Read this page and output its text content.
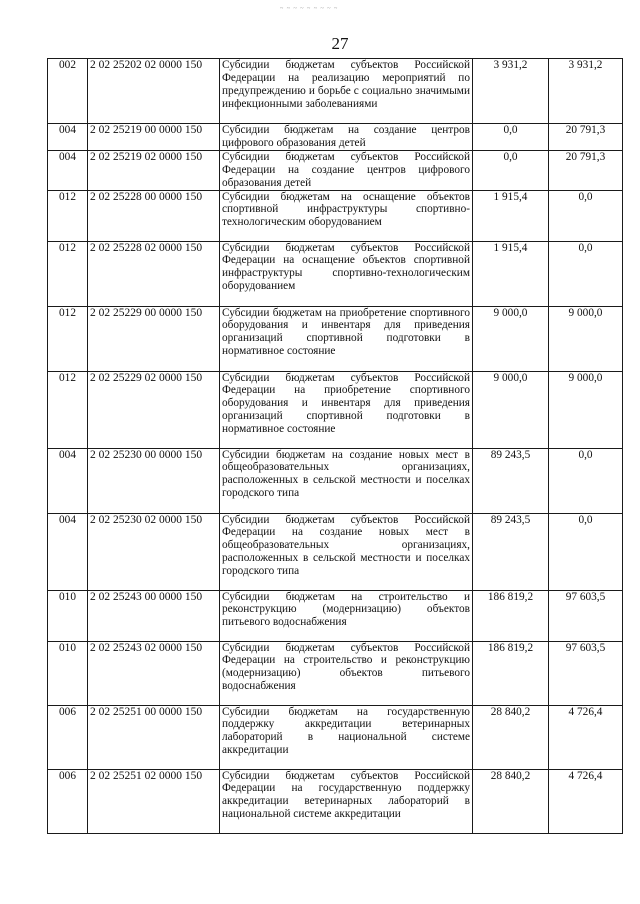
~ ~ ~ ~ ~ ~ ~ ~ ~
27
002	2 02 25202 02 0000 150	Субсидии бюджетам субъектов Российской Федерации на реализацию мероприятий по предупреждению и борьбе с социально значимыми инфекционными заболеваниями	3 931,2	3 931,2
004	2 02 25219 00 0000 150	Субсидии бюджетам на создание центров цифрового образования детей	0,0	20 791,3
004	2 02 25219 02 0000 150	Субсидии бюджетам субъектов Российской Федерации на создание центров цифрового образования детей	0,0	20 791,3
012	2 02 25228 00 0000 150	Субсидии бюджетам на оснащение объектов спортивной инфраструктуры спортивно-технологическим оборудованием	1 915,4	0,0
012	2 02 25228 02 0000 150	Субсидии бюджетам субъектов Российской Федерации на оснащение объектов спортивной инфраструктуры спортивно-технологическим оборудованием	1 915,4	0,0
012	2 02 25229 00 0000 150	Субсидии бюджетам на приобретение спортивного оборудования и инвентаря для приведения организаций спортивной подготовки в нормативное состояние	9 000,0	9 000,0
012	2 02 25229 02 0000 150	Субсидии бюджетам субъектов Российской Федерации на приобретение спортивного оборудования и инвентаря для приведения организаций спортивной подготовки в нормативное состояние	9 000,0	9 000,0
004	2 02 25230 00 0000 150	Субсидии бюджетам на создание новых мест в общеобразовательных организациях, расположенных в сельской местности и поселках городского типа	89 243,5	0,0
004	2 02 25230 02 0000 150	Субсидии бюджетам субъектов Российской Федерации на создание новых мест в общеобразовательных организациях, расположенных в сельской местности и поселках городского типа	89 243,5	0,0
010	2 02 25243 00 0000 150	Субсидии бюджетам на строительство и реконструкцию (модернизацию) объектов питьевого водоснабжения	186 819,2	97 603,5
010	2 02 25243 02 0000 150	Субсидии бюджетам субъектов Российской Федерации на строительство и реконструкцию (модернизацию) объектов питьевого водоснабжения	186 819,2	97 603,5
006	2 02 25251 00 0000 150	Субсидии бюджетам на государственную поддержку аккредитации ветеринарных лабораторий в национальной системе аккредитации	28 840,2	4 726,4
006	2 02 25251 02 0000 150	Субсидии бюджетам субъектов Российской Федерации на государственную поддержку аккредитации ветеринарных лабораторий в национальной системе аккредитации	28 840,2	4 726,4
